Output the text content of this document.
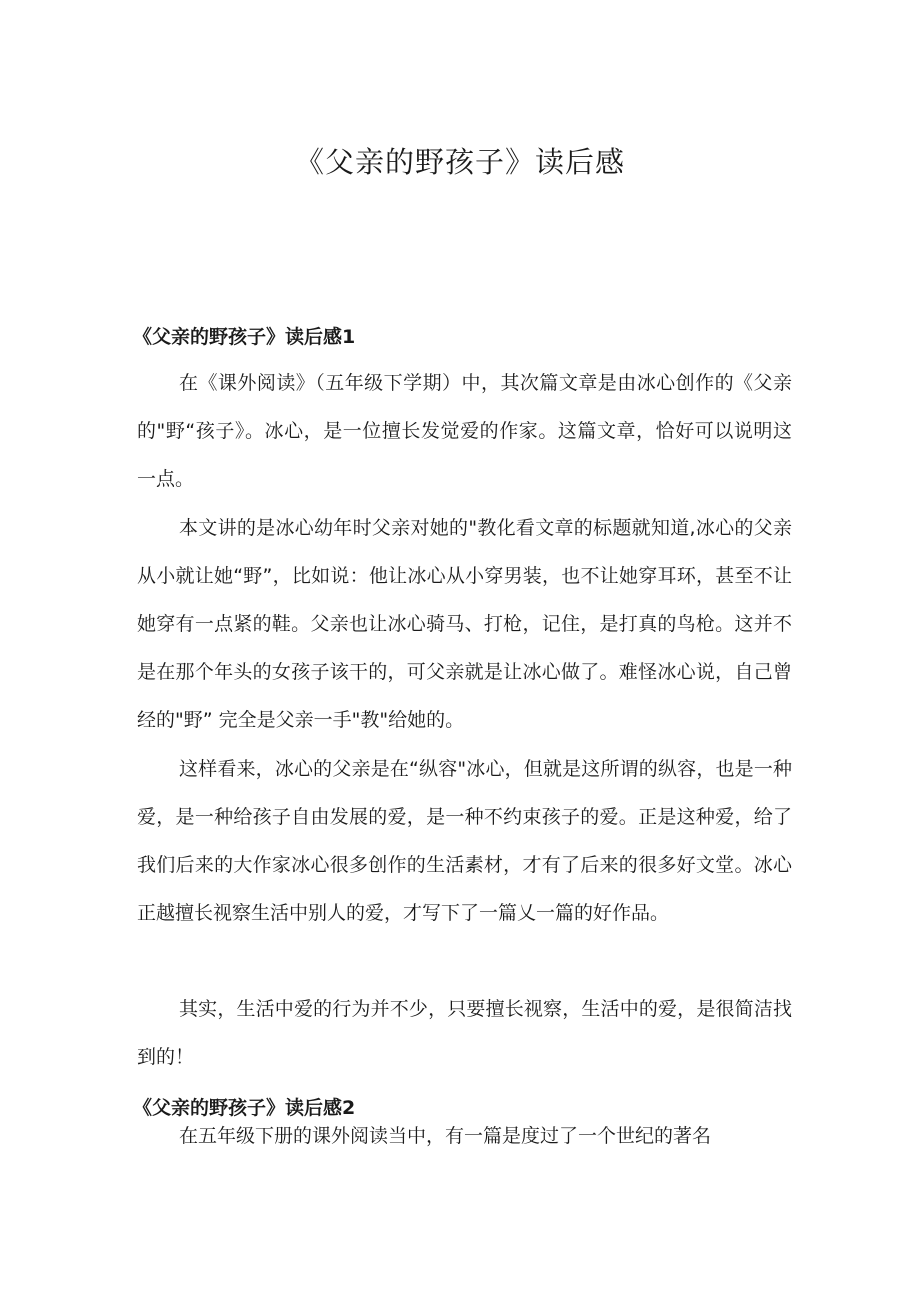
《父亲的野孩子》读后感
《父亲的野孩子》读后感1

在《课外阅读》（五年级下学期）中，其次篇文章是由冰心创作的《父亲的"野“孩子》。冰心，是一位擅长发觉爱的作家。这篇文章，恰好可以说明这一点。

本文讲的是冰心幼年时父亲对她的"教化看文章的标题就知道,冰心的父亲从小就让她“野”，比如说：他让冰心从小穿男装，也不让她穿耳环，甚至不让她穿有一点紧的鞋。父亲也让冰心骑马、打枪，记住，是打真的鸟枪。这并不是在那个年头的女孩子该干的，可父亲就是让冰心做了。难怪冰心说，自己曾经的"野” 完全是父亲一手"教"给她的。

这样看来，冰心的父亲是在“纵容"冰心，但就是这所谓的纵容，也是一种爱，是一种给孩子自由发展的爱，是一种不约束孩子的爱。正是这种爱，给了我们后来的大作家冰心很多创作的生活素材，才有了后来的很多好文堂。冰心正越擅长视察生活中别人的爱，才写下了一篇乂一篇的好作品。

其实，生活中爱的行为并不少，只要擅长视察，生活中的爱，是很简洁找到的！

《父亲的野孩子》读后感2

在五年级下册的课外阅读当中，有一篇是度过了一个世纪的著名
